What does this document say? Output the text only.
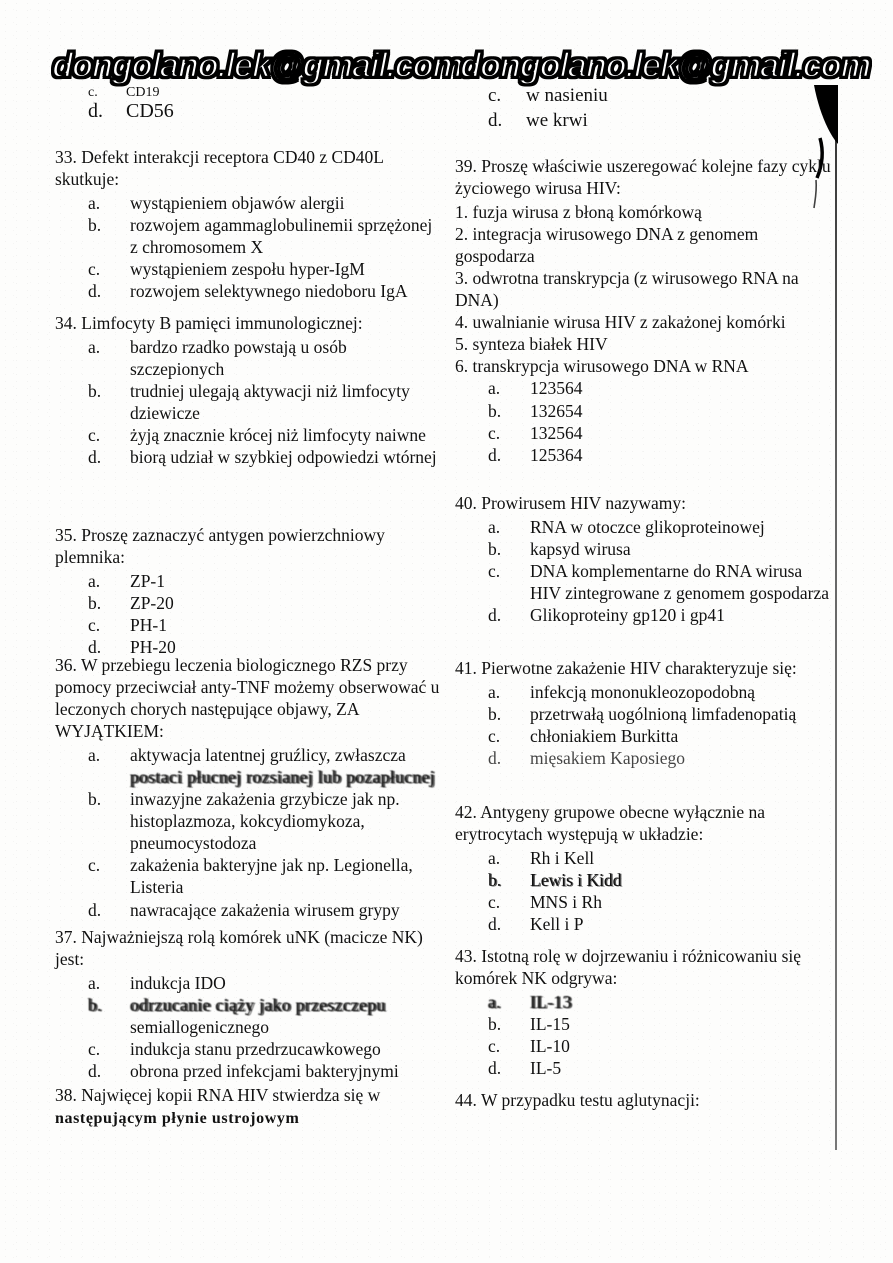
dongolano.lek@gmail.com
dongolano.lek@gmail.com
c.	CD19
d.	CD56

33. Defekt interakcji receptora CD40 z CD40L skutkuje:

a.	wystąpieniem objawów alergii
b.	rozwojem agammaglobulinemii sprzężonej z chromosomem X
c.	wystąpieniem zespołu hyper-IgM
d.	rozwojem selektywnego niedoboru IgA

34. Limfocyty B pamięci immunologicznej:

a.	bardzo rzadko powstają u osób szczepionych
b.	trudniej ulegają aktywacji niż limfocyty dziewicze
c.	żyją znacznie krócej niż limfocyty naiwne
d.	biorą udział w szybkiej odpowiedzi wtórnej

35. Proszę zaznaczyć antygen powierzchniowy plemnika:

a.	ZP-1
b.	ZP-20
c.	PH-1
d.	PH-20

36. W przebiegu leczenia biologicznego RZS przy pomocy przeciwciał anty-TNF możemy obserwować u leczonych chorych następujące objawy, ZA WYJĄTKIEM:

a.	aktywacja latentnej gruźlicy, zwłaszcza
postaci płucnej rozsianej lub pozapłucnej
b.	inwazyjne zakażenia grzybicze jak np. histoplazmoza, kokcydiomykoza, pneumocystodoza
c.	zakażenia bakteryjne jak np. Legionella, Listeria
d.	nawracające zakażenia wirusem grypy

37. Najważniejszą rolą komórek uNK (macicze NK) jest:

a.	indukcja IDO
b.	odrzucanie ciąży jako przeszczepu
semiallogenicznego
c.	indukcja stanu przedrzucawkowego
d.	obrona przed infekcjami bakteryjnymi

38. Najwięcej kopii RNA HIV stwierdza się w
następującym płynie ustrojowym

c.	w nasieniu
d.	we krwi

39. Proszę właściwie uszeregować kolejne fazy cyklu życiowego wirusa HIV:

1. fuzja wirusa z błoną komórkową
2. integracja wirusowego DNA z genomem gospodarza
3. odwrotna transkrypcja (z wirusowego RNA na DNA)
4. uwalnianie wirusa HIV z zakażonej komórki
5. synteza białek HIV
6. transkrypcja wirusowego DNA w RNA
a.	123564
b.	132654
c.	132564
d.	125364

40. Prowirusem HIV nazywamy:

a.	RNA w otoczce glikoproteinowej
b.	kapsyd wirusa
c.	DNA komplementarne do RNA wirusa HIV zintegrowane z genomem gospodarza
d.	Glikoproteiny gp120 i gp41

41. Pierwotne zakażenie HIV charakteryzuje się:

a.	infekcją mononukleozopodobną
b.	przetrwałą uogólnioną limfadenopatią
c.	chłoniakiem Burkitta
d.	mięsakiem Kaposiego

42. Antygeny grupowe obecne wyłącznie na erytrocytach występują w układzie:

a.	Rh i Kell
b.	Lewis i Kidd
c.	MNS i Rh
d.	Kell i P

43. Istotną rolę w dojrzewaniu i różnicowaniu się komórek NK odgrywa:

a.	IL-13
b.	IL-15
c.	IL-10
d.	IL-5

44. W przypadku testu aglutynacji:
